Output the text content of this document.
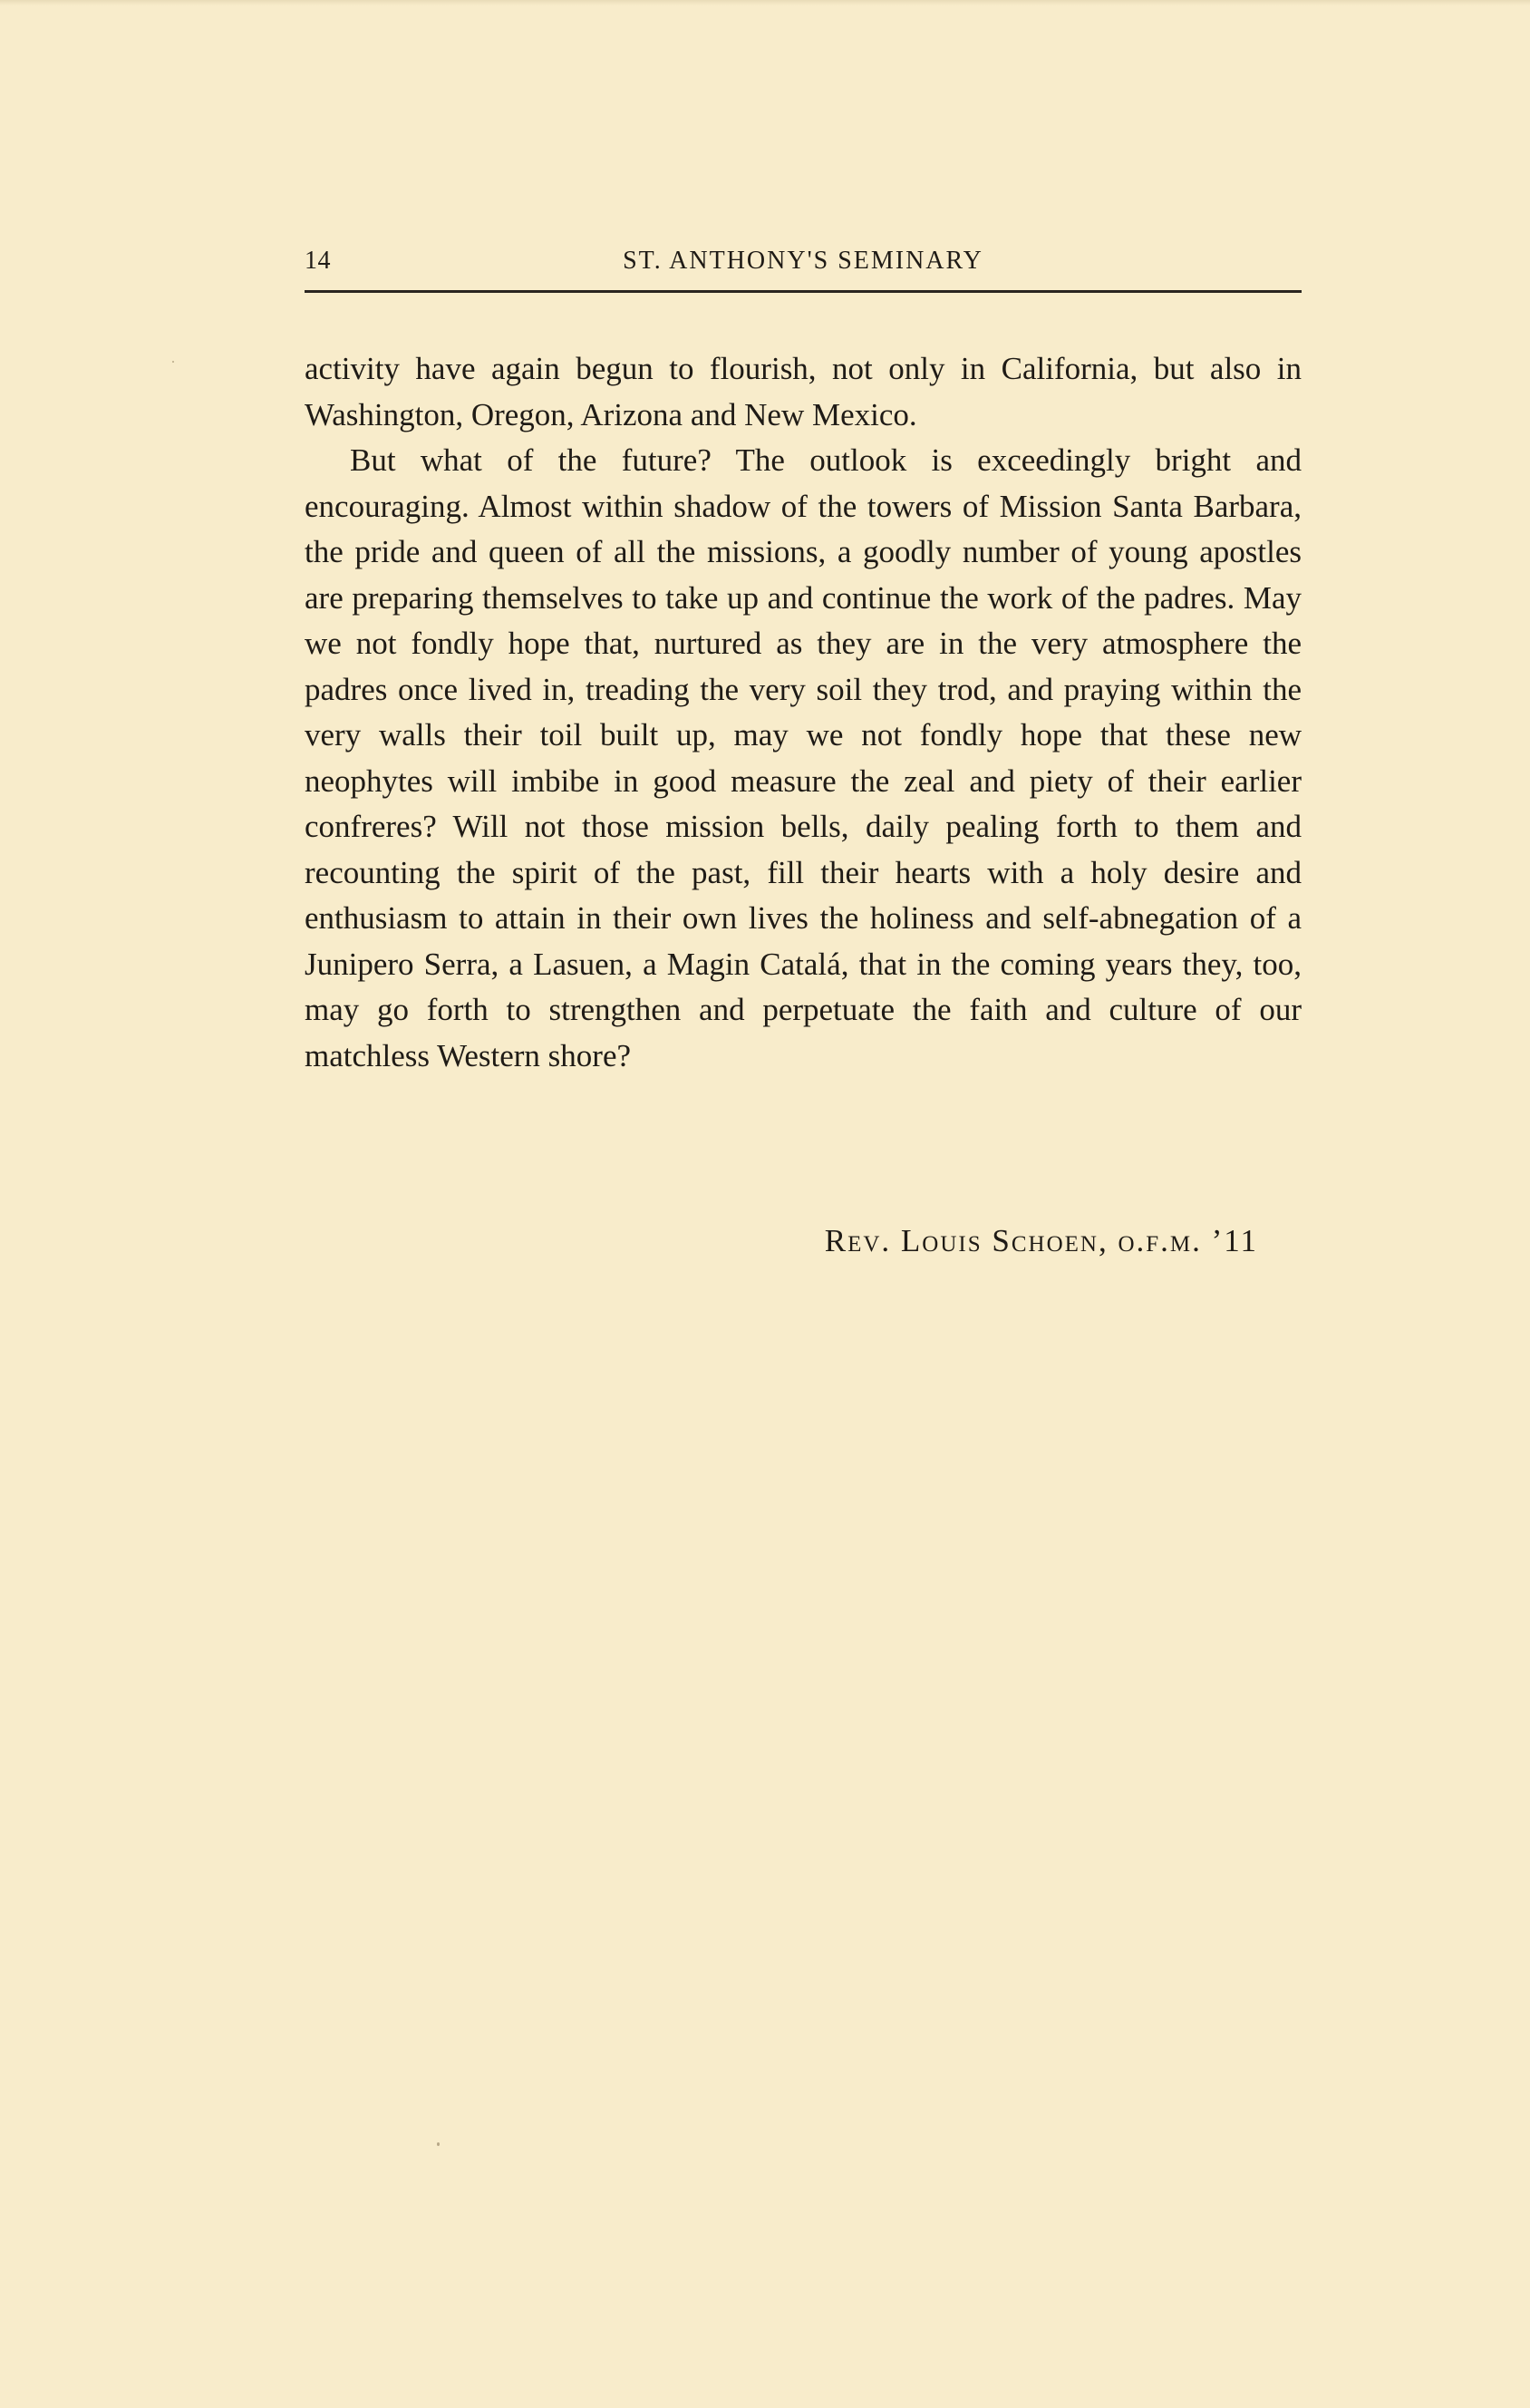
14	ST. ANTHONY'S SEMINARY

activity have again begun to flourish, not only in California, but also in Washington, Oregon, Arizona and New Mexico.

But what of the future? The outlook is exceedingly bright and encouraging. Almost within shadow of the towers of Mission Santa Barbara, the pride and queen of all the missions, a goodly number of young apostles are preparing themselves to take up and continue the work of the padres. May we not fondly hope that, nurtured as they are in the very atmosphere the padres once lived in, treading the very soil they trod, and praying within the very walls their toil built up, may we not fondly hope that these new neophytes will imbibe in good measure the zeal and piety of their earlier confreres? Will not those mission bells, daily pealing forth to them and recounting the spirit of the past, fill their hearts with a holy desire and enthusiasm to attain in their own lives the holiness and self-abnegation of a Junipero Serra, a Lasuen, a Magin Catalá, that in the coming years they, too, may go forth to strengthen and perpetuate the faith and culture of our matchless Western shore?

Rev. Louis Schoen, o.f.m. ’11
